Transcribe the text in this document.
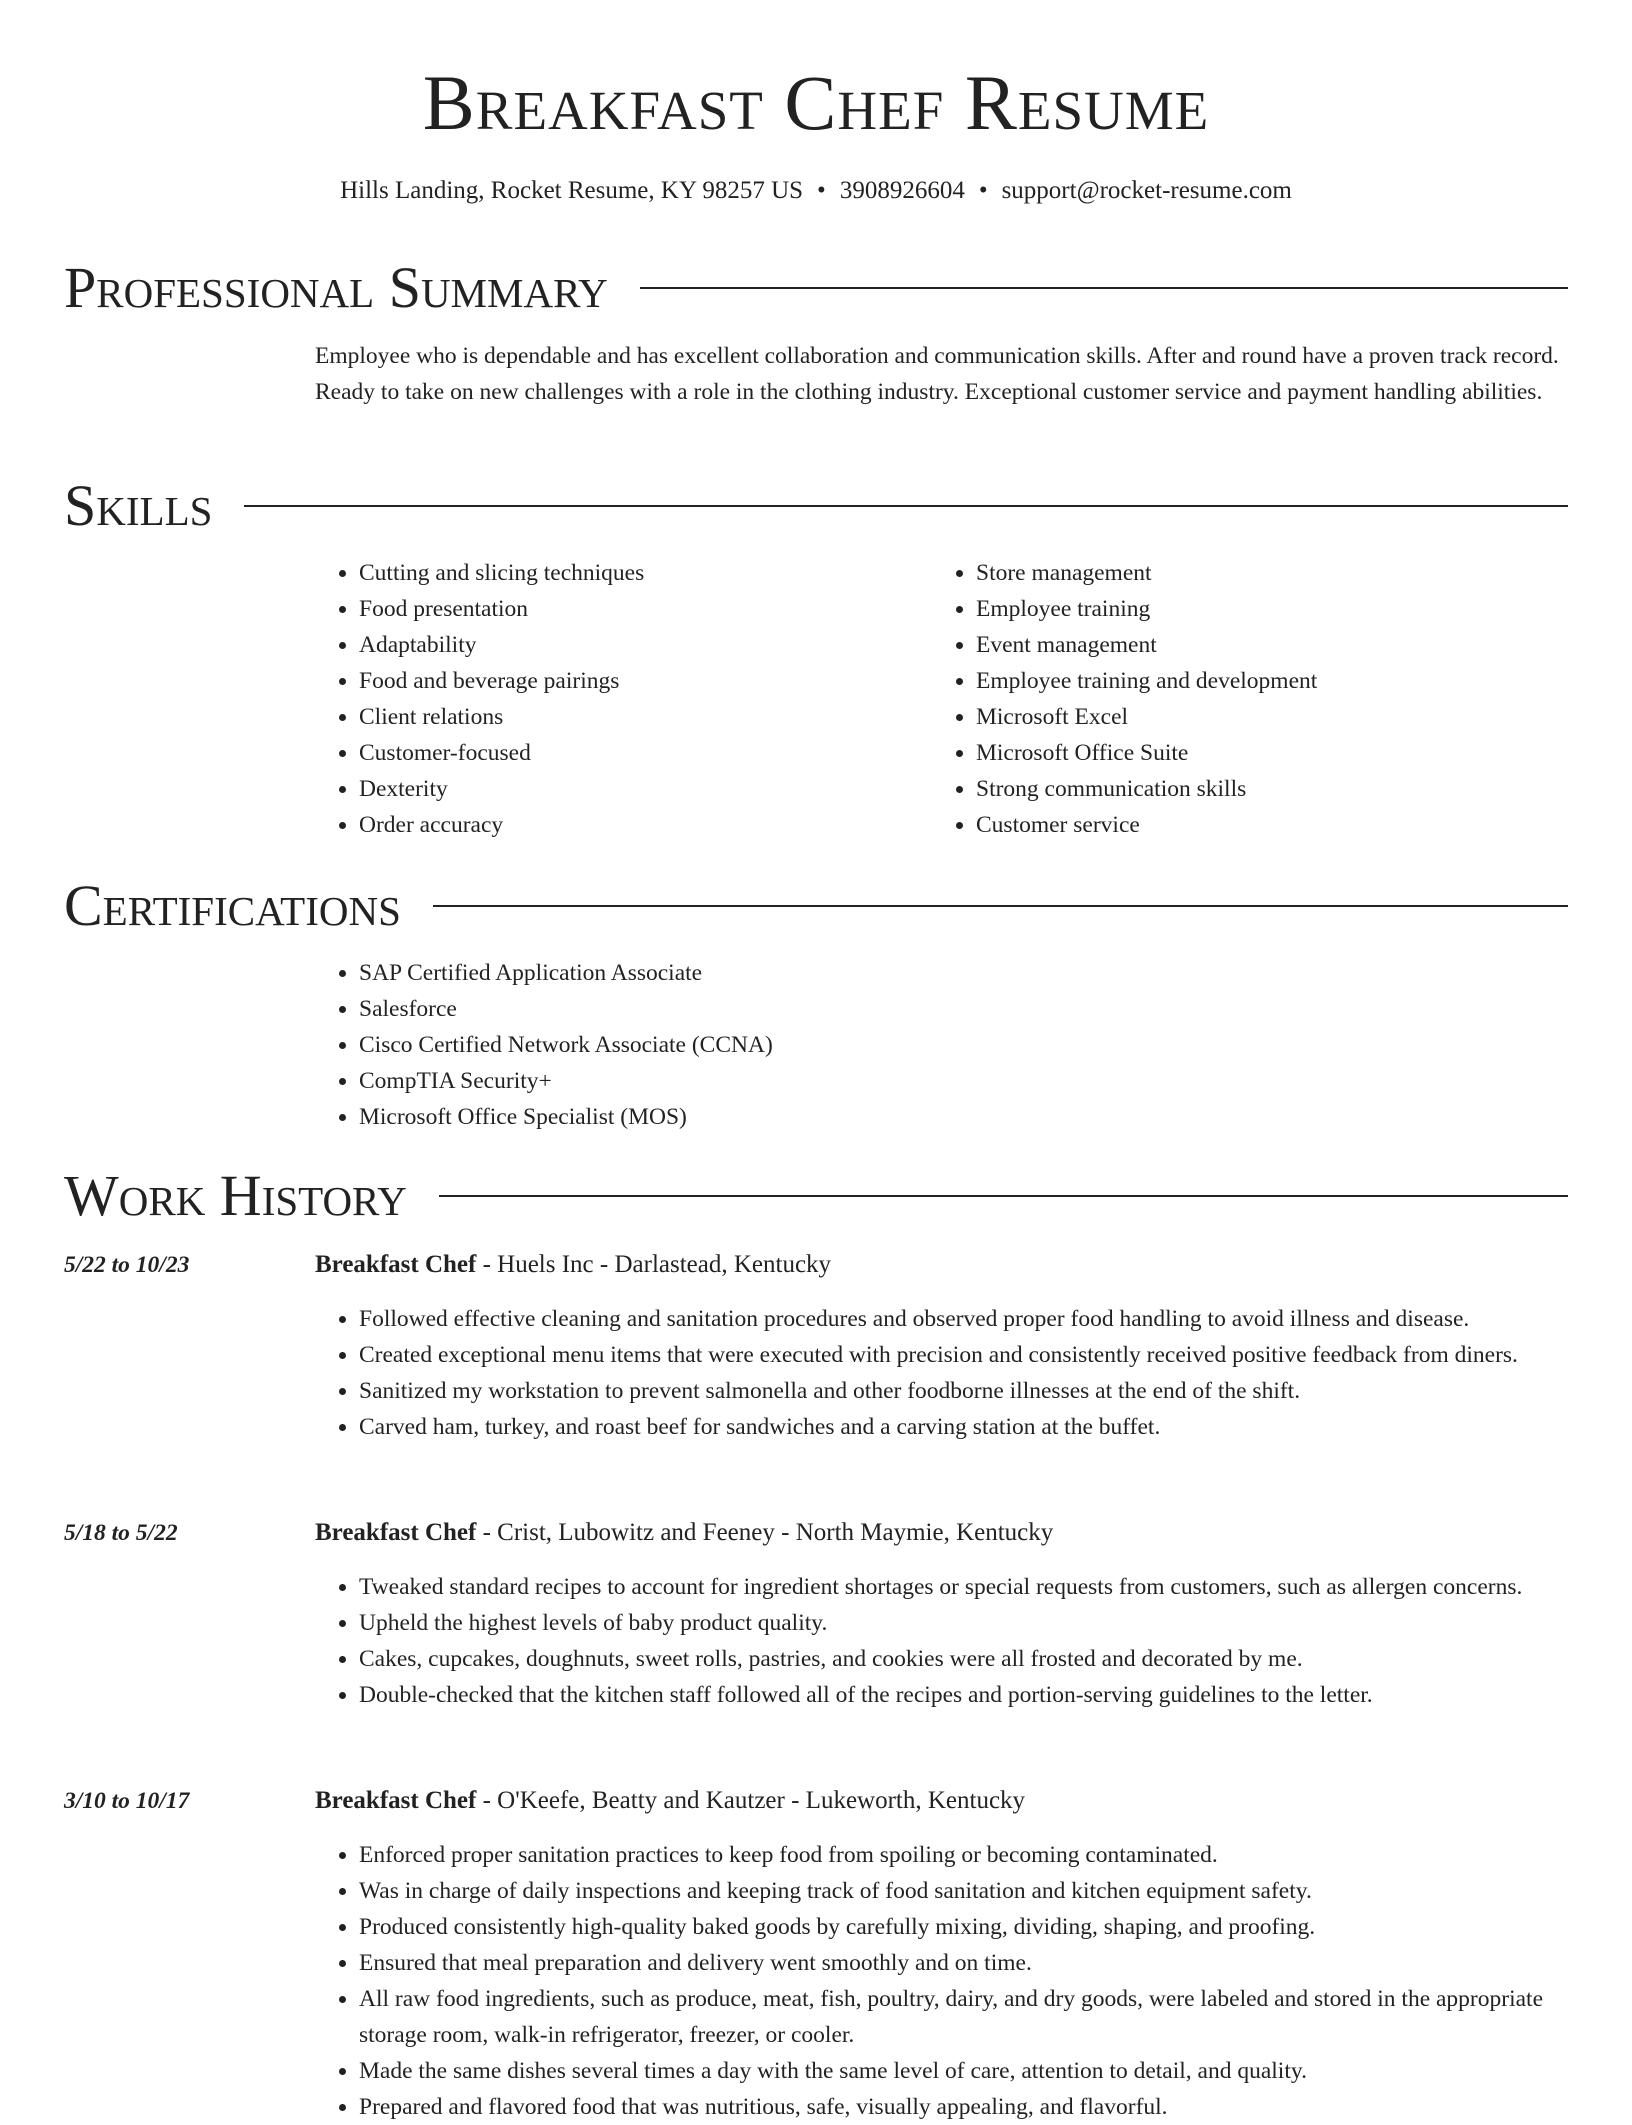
Breakfast Chef Resume
Hills Landing, Rocket Resume, KY 98257 US • 3908926604 • support@rocket-resume.com
Professional Summary

Employee who is dependable and has excellent collaboration and communication skills. After and round have a proven track record. Ready to take on new challenges with a role in the clothing industry. Exceptional customer service and payment handling abilities.

Skills
• Cutting and slicing techniques
• Food presentation
• Adaptability
• Food and beverage pairings
• Client relations
• Customer-focused
• Dexterity
• Order accuracy
• Store management
• Employee training
• Event management
• Employee training and development
• Microsoft Excel
• Microsoft Office Suite
• Strong communication skills
• Customer service
Certifications
• SAP Certified Application Associate
• Salesforce
• Cisco Certified Network Associate (CCNA)
• CompTIA Security+
• Microsoft Office Specialist (MOS)
Work History
5/22 to 10/23	Breakfast Chef - Huels Inc - Darlastead, Kentucky
• Followed effective cleaning and sanitation procedures and observed proper food handling to avoid illness and disease.
• Created exceptional menu items that were executed with precision and consistently received positive feedback from diners.
• Sanitized my workstation to prevent salmonella and other foodborne illnesses at the end of the shift.
• Carved ham, turkey, and roast beef for sandwiches and a carving station at the buffet.
5/18 to 5/22	Breakfast Chef - Crist, Lubowitz and Feeney - North Maymie, Kentucky
• Tweaked standard recipes to account for ingredient shortages or special requests from customers, such as allergen concerns.
• Upheld the highest levels of baby product quality.
• Cakes, cupcakes, doughnuts, sweet rolls, pastries, and cookies were all frosted and decorated by me.
• Double-checked that the kitchen staff followed all of the recipes and portion-serving guidelines to the letter.
3/10 to 10/17	Breakfast Chef - O'Keefe, Beatty and Kautzer - Lukeworth, Kentucky
• Enforced proper sanitation practices to keep food from spoiling or becoming contaminated.
• Was in charge of daily inspections and keeping track of food sanitation and kitchen equipment safety.
• Produced consistently high-quality baked goods by carefully mixing, dividing, shaping, and proofing.
• Ensured that meal preparation and delivery went smoothly and on time.
• All raw food ingredients, such as produce, meat, fish, poultry, dairy, and dry goods, were labeled and stored in the appropriate storage room, walk-in refrigerator, freezer, or cooler.
• Made the same dishes several times a day with the same level of care, attention to detail, and quality.
• Prepared and flavored food that was nutritious, safe, visually appealing, and flavorful.
